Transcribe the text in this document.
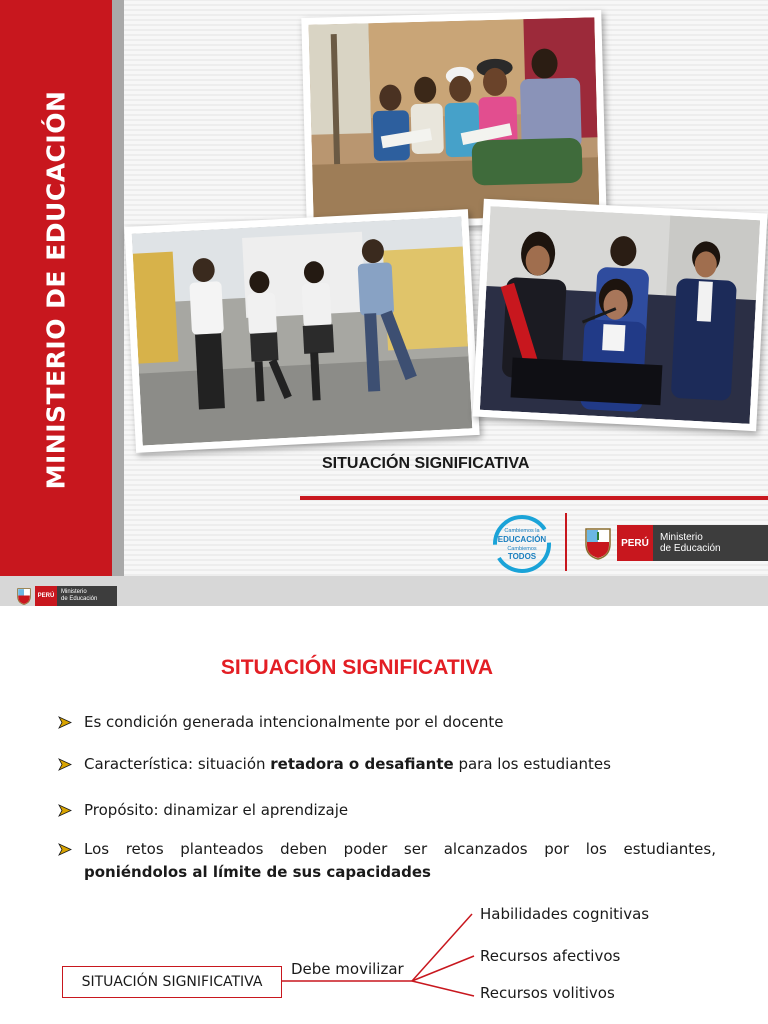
MINISTERIO DE EDUCACIÓN	SITUACIÓN SIGNIFICATIVA
Cambiemos la
EDUCACIÓN
Cambiemos
TODOS
PERÚ	Ministerio
de Educación
PERÚ
Ministerio
de Educación
SITUACIÓN SIGNIFICATIVA
Es condición generada intencionalmente por el docente
Característica: situación retadora o desafiante para los estudiantes
Propósito: dinamizar el aprendizaje
Los retos planteados deben poder ser alcanzados por los estudiantes,
poniéndolos al límite de sus capacidades
SITUACIÓN SIGNIFICATIVA
Debe movilizar
Habilidades cognitivas
Recursos afectivos
Recursos volitivos
